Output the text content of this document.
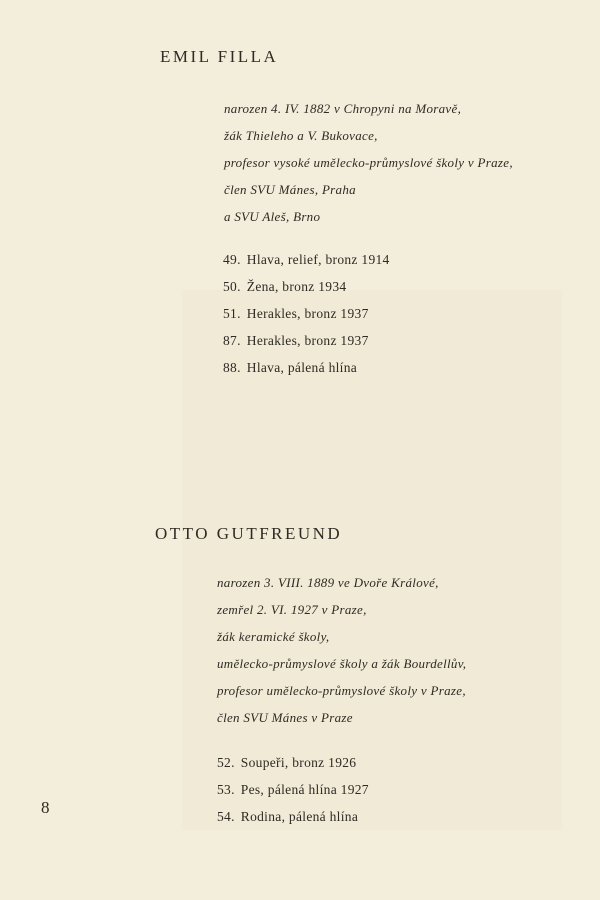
EMIL FILLA
narozen 4. IV. 1882 v Chropyni na Moravě,
žák Thieleho a V. Bukovace,
profesor vysoké umělecko-průmyslové školy v Praze,
člen SVU Mánes, Praha
a SVU Aleš, Brno
49. Hlava, relief, bronz 1914
50. Žena, bronz 1934
51. Herakles, bronz 1937
87. Herakles, bronz 1937
88. Hlava, pálená hlína
OTTO GUTFREUND
narozen 3. VIII. 1889 ve Dvoře Králové,
zemřel 2. VI. 1927 v Praze,
žák keramické školy,
umělecko-průmyslové školy a žák Bourdellův,
profesor umělecko-průmyslové školy v Praze,
člen SVU Mánes v Praze
52. Soupeři, bronz 1926
53. Pes, pálená hlína 1927
54. Rodina, pálená hlína
8
